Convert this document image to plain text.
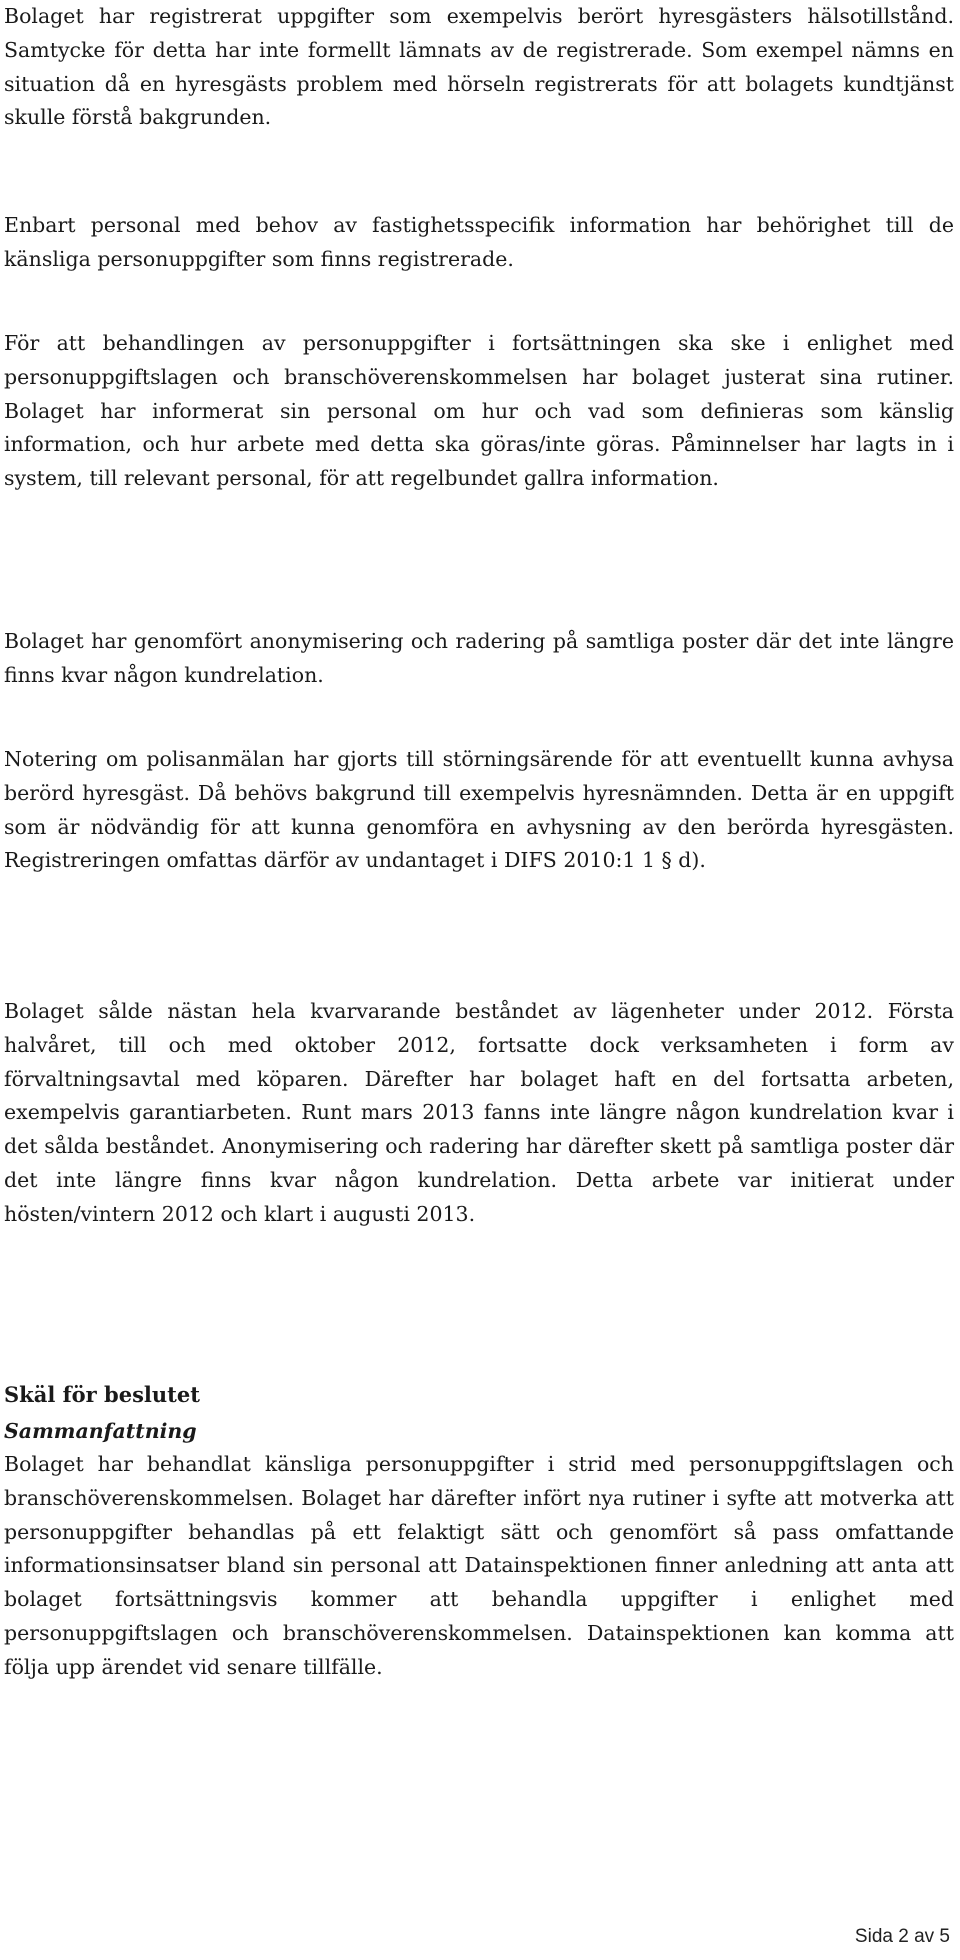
Bolaget har registrerat uppgifter som exempelvis berört hyresgästers hälsotillstånd. Samtycke för detta har inte formellt lämnats av de registrerade. Som exempel nämns en situation då en hyresgästs problem med hörseln registrerats för att bolagets kundtjänst skulle förstå bakgrunden.

Enbart personal med behov av fastighetsspecifik information har behörighet till de känsliga personuppgifter som finns registrerade.

För att behandlingen av personuppgifter i fortsättningen ska ske i enlighet med personuppgiftslagen och branschöverenskommelsen har bolaget justerat sina rutiner. Bolaget har informerat sin personal om hur och vad som definieras som känslig information, och hur arbete med detta ska göras/inte göras. Påminnelser har lagts in i system, till relevant personal, för att regelbundet gallra information.

Bolaget har genomfört anonymisering och radering på samtliga poster där det inte längre finns kvar någon kundrelation.

Notering om polisanmälan har gjorts till störningsärende för att eventuellt kunna avhysa berörd hyresgäst. Då behövs bakgrund till exempelvis hyresnämnden. Detta är en uppgift som är nödvändig för att kunna genomföra en avhysning av den berörda hyresgästen. Registreringen omfattas därför av undantaget i DIFS 2010:1 1 § d).

Bolaget sålde nästan hela kvarvarande beståndet av lägenheter under 2012. Första halvåret, till och med oktober 2012, fortsatte dock verksamheten i form av förvaltningsavtal med köparen. Därefter har bolaget haft en del fortsatta arbeten, exempelvis garantiarbeten. Runt mars 2013 fanns inte längre någon kundrelation kvar i det sålda beståndet. Anonymisering och radering har därefter skett på samtliga poster där det inte längre finns kvar någon kundrelation. Detta arbete var initierat under hösten/vintern 2012 och klart i augusti 2013.

Skäl för beslutet
Sammanfattning

Bolaget har behandlat känsliga personuppgifter i strid med personuppgiftslagen och branschöverenskommelsen. Bolaget har därefter infört nya rutiner i syfte att motverka att personuppgifter behandlas på ett felaktigt sätt och genomfört så pass omfattande informationsinsatser bland sin personal att Datainspektionen finner anledning att anta att bolaget fortsättningsvis kommer att behandla uppgifter i enlighet med personuppgiftslagen och branschöverenskommelsen. Datainspektionen kan komma att följa upp ärendet vid senare tillfälle.

Sida 2 av 5
